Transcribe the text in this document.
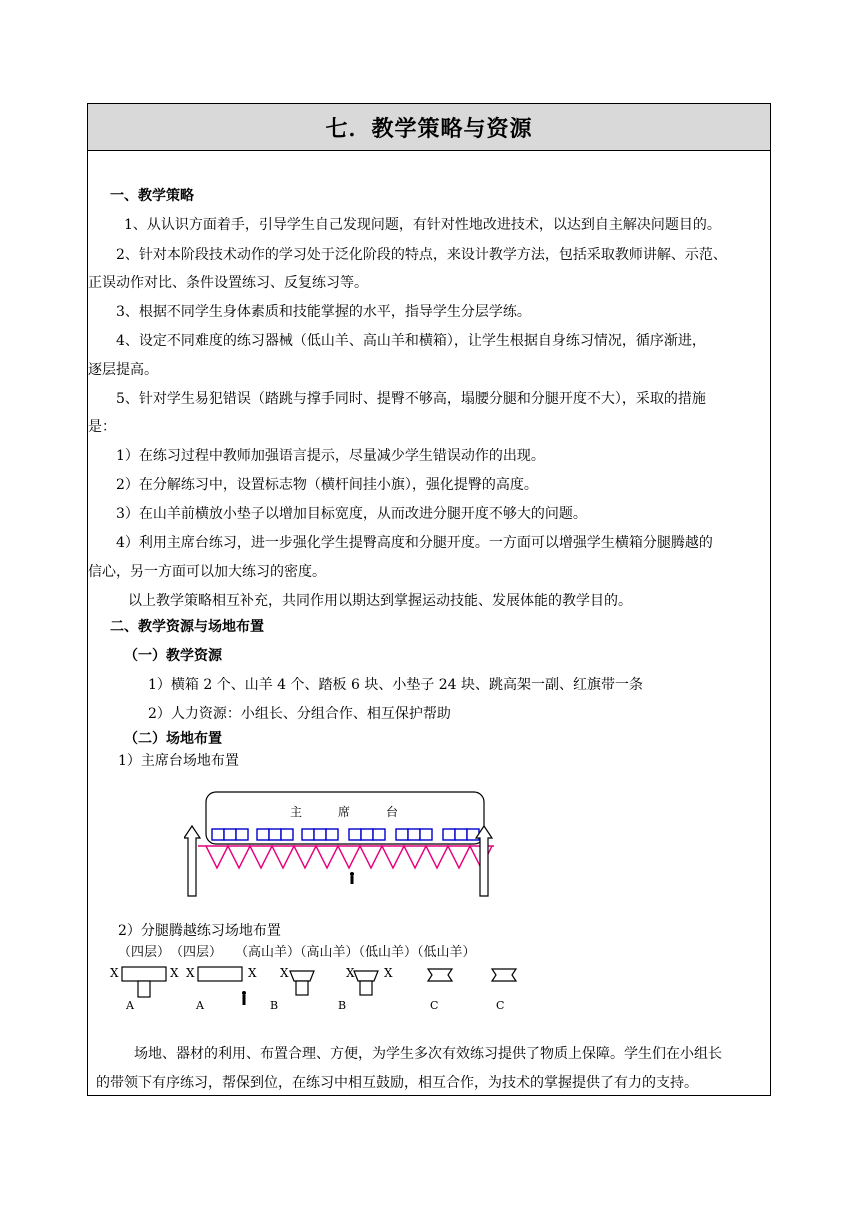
七．教学策略与资源
一、教学策略
1、从认识方面着手，引导学生自己发现问题，有针对性地改进技术，以达到自主解决问题目的。
2、针对本阶段技术动作的学习处于泛化阶段的特点，来设计教学方法，包括采取教师讲解、示范、
正误动作对比、条件设置练习、反复练习等。
3、根据不同学生身体素质和技能掌握的水平，指导学生分层学练。
4、设定不同难度的练习器械（低山羊、高山羊和横箱），让学生根据自身练习情况，循序渐进，
逐层提高。
5、针对学生易犯错误（踏跳与撑手同时、提臀不够高，塌腰分腿和分腿开度不大），采取的措施
是：
1）在练习过程中教师加强语言提示，尽量减少学生错误动作的出现。
2）在分解练习中，设置标志物（横杆间挂小旗），强化提臀的高度。
3）在山羊前横放小垫子以增加目标宽度，从而改进分腿开度不够大的问题。
4）利用主席台练习，进一步强化学生提臀高度和分腿开度。一方面可以增强学生横箱分腿腾越的
信心，另一方面可以加大练习的密度。
以上教学策略相互补充，共同作用以期达到掌握运动技能、发展体能的教学目的。
二、教学资源与场地布置
（一）教学资源
1）横箱 2 个、山羊 4 个、踏板 6 块、小垫子 24 块、跳高架一副、红旗带一条
2）人力资源：小组长、分组合作、相互保护帮助
（二）场地布置
1）主席台场地布置
主　　　席　　　台
2）分腿腾越练习场地布置
（四层）　（四层）　　（高山羊）（高山羊）（低山羊）（低山羊）
X	X X	X X	X X
A	A	B	B	C	C
场地、器材的利用、布置合理、方便，为学生多次有效练习提供了物质上保障。学生们在小组长
的带领下有序练习，帮保到位，在练习中相互鼓励，相互合作，为技术的掌握提供了有力的支持。
